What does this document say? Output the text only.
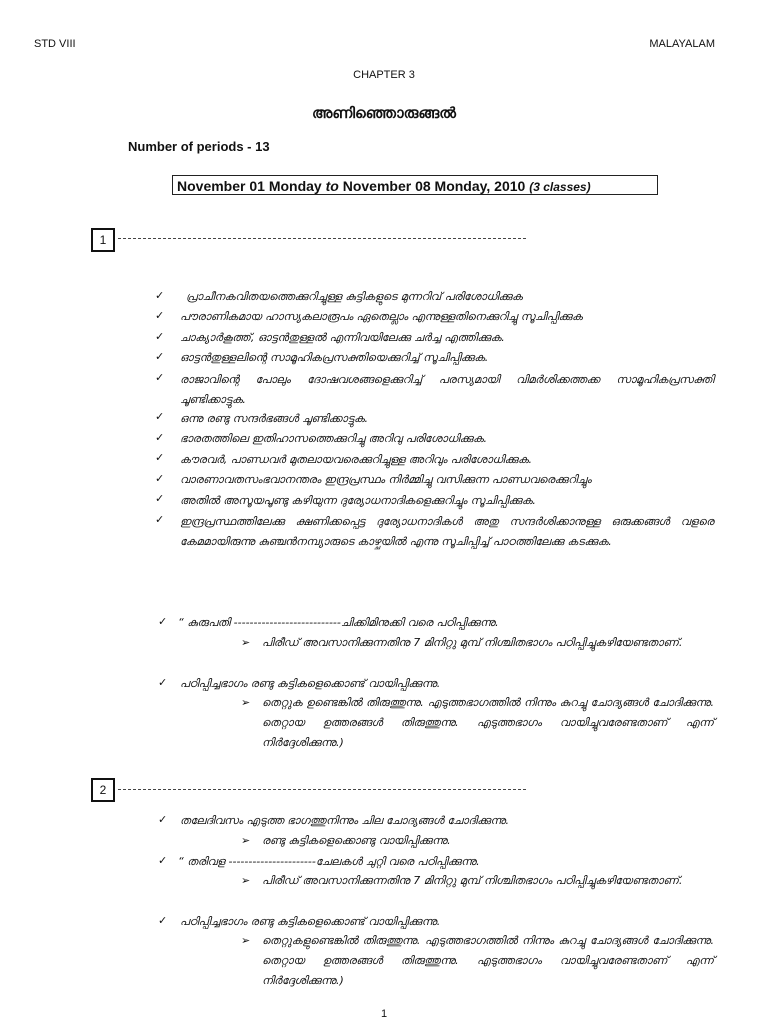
STD VIII	MALAYALAM
CHAPTER 3
അണിഞ്ഞൊരുങ്ങൽ
Number of periods - 13
November 01 Monday to November 08 Monday, 2010 (3 classes)
1
✓ പ്രാചീനകവിതയത്തെക്കുറിച്ചുള്ള കുട്ടികളുടെ മുന്നറിവ് പരിശോധിക്കുക
✓ പൗരാണികമായ ഹാസ്യകലാരൂപം ഏതെല്ലാം എന്നുള്ളതിനെക്കുറിച്ചു സൂചിപ്പിക്കുക
✓ ചാക്യാർകൂത്ത്, ഓട്ടൻതുള്ളൽ എന്നിവയിലേക്കു ചർച്ച എത്തിക്കുക.
✓ ഓട്ടൻതുള്ളലിന്റെ സാമൂഹികപ്രസക്തിയെക്കുറിച്ച് സൂചിപ്പിക്കുക.
✓ രാജാവിന്റെ പോലും ദോഷവശങ്ങളെക്കുറിച്ച് പരസ്യമായി വിമർശിക്കത്തക്ക സാമൂഹികപ്രസക്തി ചൂണ്ടിക്കാട്ടുക.
✓ ഒന്നു രണ്ടു സന്ദർഭങ്ങൾ ചൂണ്ടിക്കാട്ടുക.
✓ ഭാരതത്തിലെ ഇതിഹാസത്തെക്കുറിച്ചു അറിവു പരിശോധിക്കുക.
✓ കൗരവർ, പാണ്ഡവർ മുതലായവരെക്കുറിച്ചുള്ള അറിവും പരിശോധിക്കുക.
✓ വാരണാവതസംഭവാനന്തരം ഇന്ദ്രപ്രസ്ഥം നിർമ്മിച്ചു വസിക്കുന്ന പാണ്ഡവരെക്കുറിച്ചും
✓ അതിൽ അസൂയപൂണ്ടു കഴിയുന്ന ദുര്യോധനാദികളെക്കുറിച്ചും സൂചിപ്പിക്കുക.
✓ ഇന്ദ്രപ്രസ്ഥത്തിലേക്കു ക്ഷണിക്കപ്പെട്ട ദുര്യോധനാദികൾ അതു സന്ദർശിക്കാനുള്ള ഒരുക്കങ്ങൾ വളരെ കേമമായിരുന്നു കുഞ്ചൻനമ്പ്യാരുടെ കാഴ്ചയിൽ എന്നു സൂചിപ്പിച്ച് പാഠത്തിലേക്കു കടക്കുക.
✓ “ കുരുപതി ---------------------------ചിക്കിമിനുക്കി വരെ പഠിപ്പിക്കുന്നു.
➢ പിരീഡ് അവസാനിക്കുന്നതിനു 7 മിനിറ്റു മുമ്പ് നിശ്ചിതഭാഗം പഠിപ്പിച്ചുകഴിയേണ്ടതാണ്.
✓ പഠിപ്പിച്ചഭാഗം രണ്ടു കുട്ടികളെക്കൊണ്ട് വായിപ്പിക്കുന്നു.
➢ തെറ്റുക ഉണ്ടെങ്കിൽ തിരുത്തുന്നു. എടുത്തഭാഗത്തിൽ നിന്നും കുറച്ചു ചോദ്യങ്ങൾ ചോദിക്കുന്നു. തെറ്റായ ഉത്തരങ്ങൾ തിരുത്തുന്നു. എടുത്തഭാഗം വായിച്ചുവരേണ്ടതാണ് എന്ന് നിർദ്ദേശിക്കുന്നു.)
2
✓ തലേദിവസം എടുത്ത ഭാഗത്തുനിന്നും ചില ചോദ്യങ്ങൾ ചോദിക്കുന്നു.
➢ രണ്ടു കുട്ടികളെക്കൊണ്ടു വായിപ്പിക്കുന്നു.
✓ “ തരിവള ----------------------ചേലകൾ ചുറ്റി വരെ പഠിപ്പിക്കുന്നു.
➢ പിരീഡ് അവസാനിക്കുന്നതിനു 7 മിനിറ്റു മുമ്പ് നിശ്ചിതഭാഗം പഠിപ്പിച്ചുകഴിയേണ്ടതാണ്.
✓ പഠിപ്പിച്ചഭാഗം രണ്ടു കുട്ടികളെക്കൊണ്ട് വായിപ്പിക്കുന്നു.
➢ തെറ്റുകളുണ്ടെങ്കിൽ തിരുത്തുന്നു. എടുത്തഭാഗത്തിൽ നിന്നും കുറച്ചു ചോദ്യങ്ങൾ ചോദിക്കുന്നു. തെറ്റായ ഉത്തരങ്ങൾ തിരുത്തുന്നു. എടുത്തഭാഗം വായിച്ചുവരേണ്ടതാണ് എന്ന് നിർദ്ദേശിക്കുന്നു.)
1
